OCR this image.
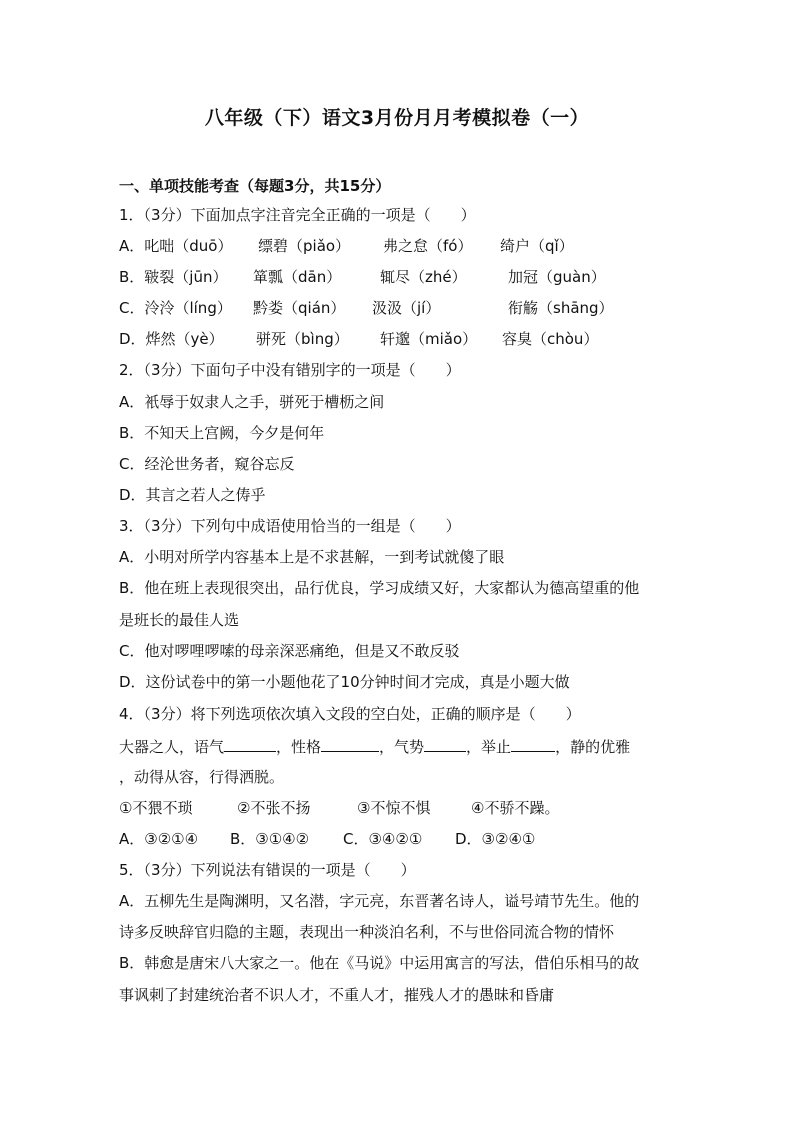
八年级（下）语文3月份月月考模拟卷（一）
一、单项技能考查（每题3分，共15分）
1．（3分）下面加点字注音完全正确的一项是（　　）
A．叱咄（duō） 缥碧（piǎo） 弗之怠（fó） 绮户（qǐ）
B．皲裂（jūn） 箪瓢（dān）	辄尽（zhé）	加冠（guàn）
C．泠泠（líng） 黔娄（qián） 汲汲（jí）	衔觞（shāng）
D．烨然（yè） 骈死（bìng） 轩邈（miǎo） 容臭（chòu）
2．（3分）下面句子中没有错别字的一项是（　　）
A．衹辱于奴隶人之手，骈死于槽枥之间
B．不知天上宫阙，今夕是何年
C．经沦世务者，窥谷忘反
D．其言之若人之俦乎
3．（3分）下列句中成语使用恰当的一组是（　　）
A．小明对所学内容基本上是不求甚解，一到考试就傻了眼
B．他在班上表现很突出，品行优良，学习成绩又好，大家都认为德高望重的他
是班长的最佳人选
C．他对啰哩啰嗦的母亲深恶痛绝，但是又不敢反驳
D．这份试卷中的第一小题他花了10分钟时间才完成，真是小题大做
4．（3分）将下列选项依次填入文段的空白处，正确的顺序是（　　）
大器之人，语气	，性格	，气势	，举止	，静的优雅
，动得从容，行得洒脱。
①不猥不琐	②不张不扬	③不惊不惧	④不骄不躁。
A．③②①④ B．③①④② C．③④②① D．③②④①
5．（3分）下列说法有错误的一项是（　　）
A．五柳先生是陶渊明，又名潜，字元亮，东晋著名诗人，谥号靖节先生。他的
诗多反映辞官归隐的主题，表现出一种淡泊名利，不与世俗同流合物的情怀
B．韩愈是唐宋八大家之一。他在《马说》中运用寓言的写法，借伯乐相马的故
事讽刺了封建统治者不识人才，不重人才，摧残人才的愚昧和昏庸
